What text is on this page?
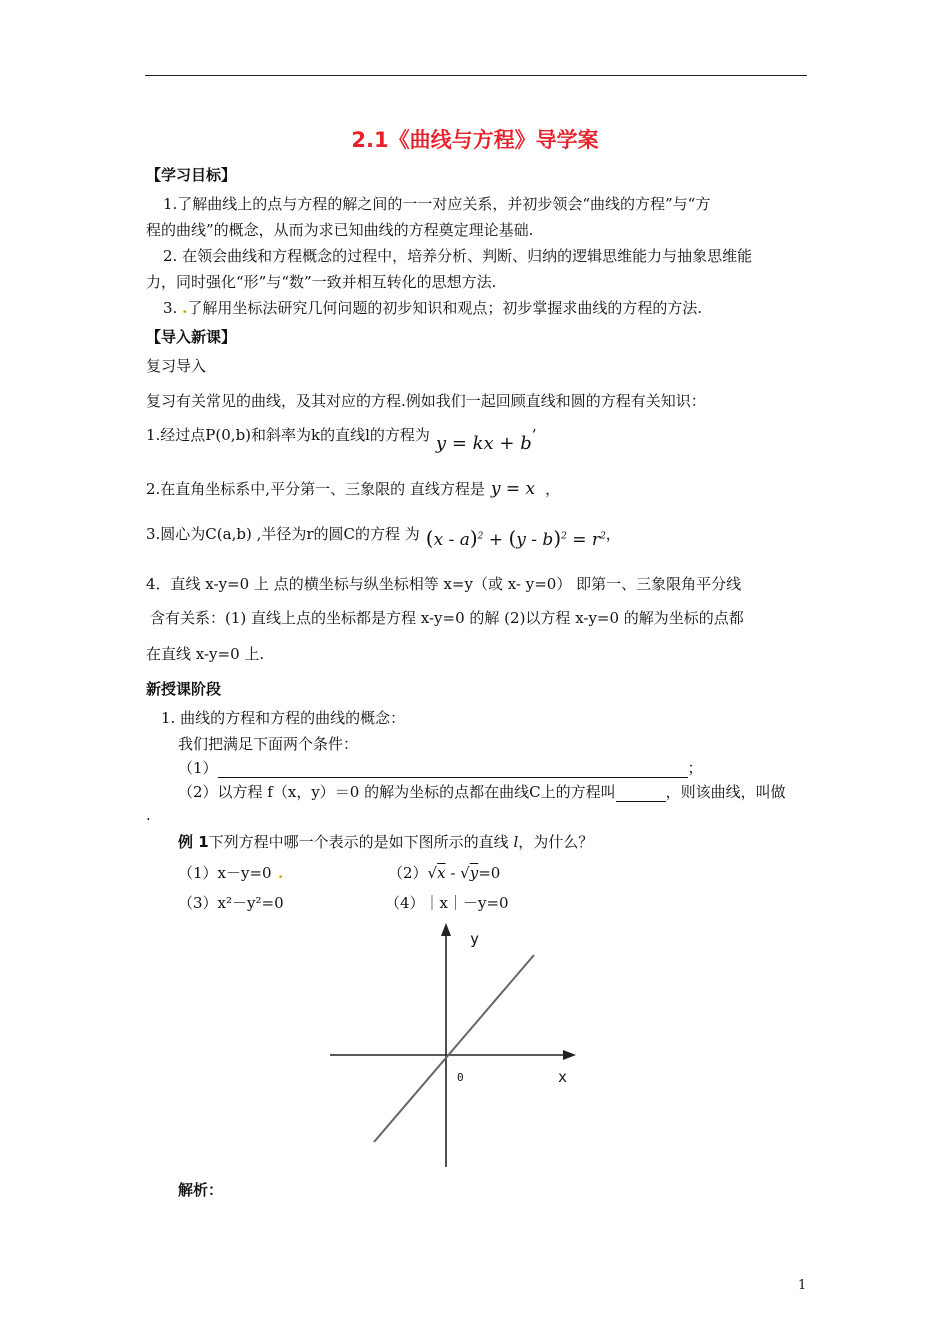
2.1《曲线与方程》导学案
【学习目标】
1.了解曲线上的点与方程的解之间的一一对应关系，并初步领会“曲线的方程”与“方
程的曲线”的概念，从而为求已知曲线的方程奠定理论基础.
2. 在领会曲线和方程概念的过程中，培养分析、判断、归纳的逻辑思维能力与抽象思维能
力，同时强化“形”与“数”一致并相互转化的思想方法.
3. .了解用坐标法研究几何问题的初步知识和观点；初步掌握求曲线的方程的方法.
【导入新课】
复习导入
复习有关常见的曲线，及其对应的方程.例如我们一起回顾直线和圆的方程有关知识：
1.经过点P(0,b)和斜率为k的直线l的方程为 y = kx + b’
2.在直角坐标系中,平分第一、三象限的 直线方程是 y = x ，
3.圆心为C(a,b) ,半径为r的圆C的方程 为 $(x - a)^2 + (y - b)^2 = r^2$，
4．直线 x-y=0 上 点的横坐标与纵坐标相等 x=y（或 x- y=0） 即第一、三象限角平分线
含有关系：(1) 直线上点的坐标都是方程 x-y=0 的解 (2)以方程 x-y=0 的解为坐标的点都
在直线 x-y=0 上.
新授课阶段
1. 曲线的方程和方程的曲线的概念：
我们把满足下面两个条件：
（1）	；
（2）以方程 f（x，y）＝0 的解为坐标的点都在曲线C上的方程叫	，则该曲线，叫做
.
例 1下列方程中哪一个表示的是如下图所示的直线 l，为什么？
（1）x－y=0 .	（2）√x - √y=0
（3）x²－y²=0	（4）｜x｜－y=0
y
x
0
解析：
1
